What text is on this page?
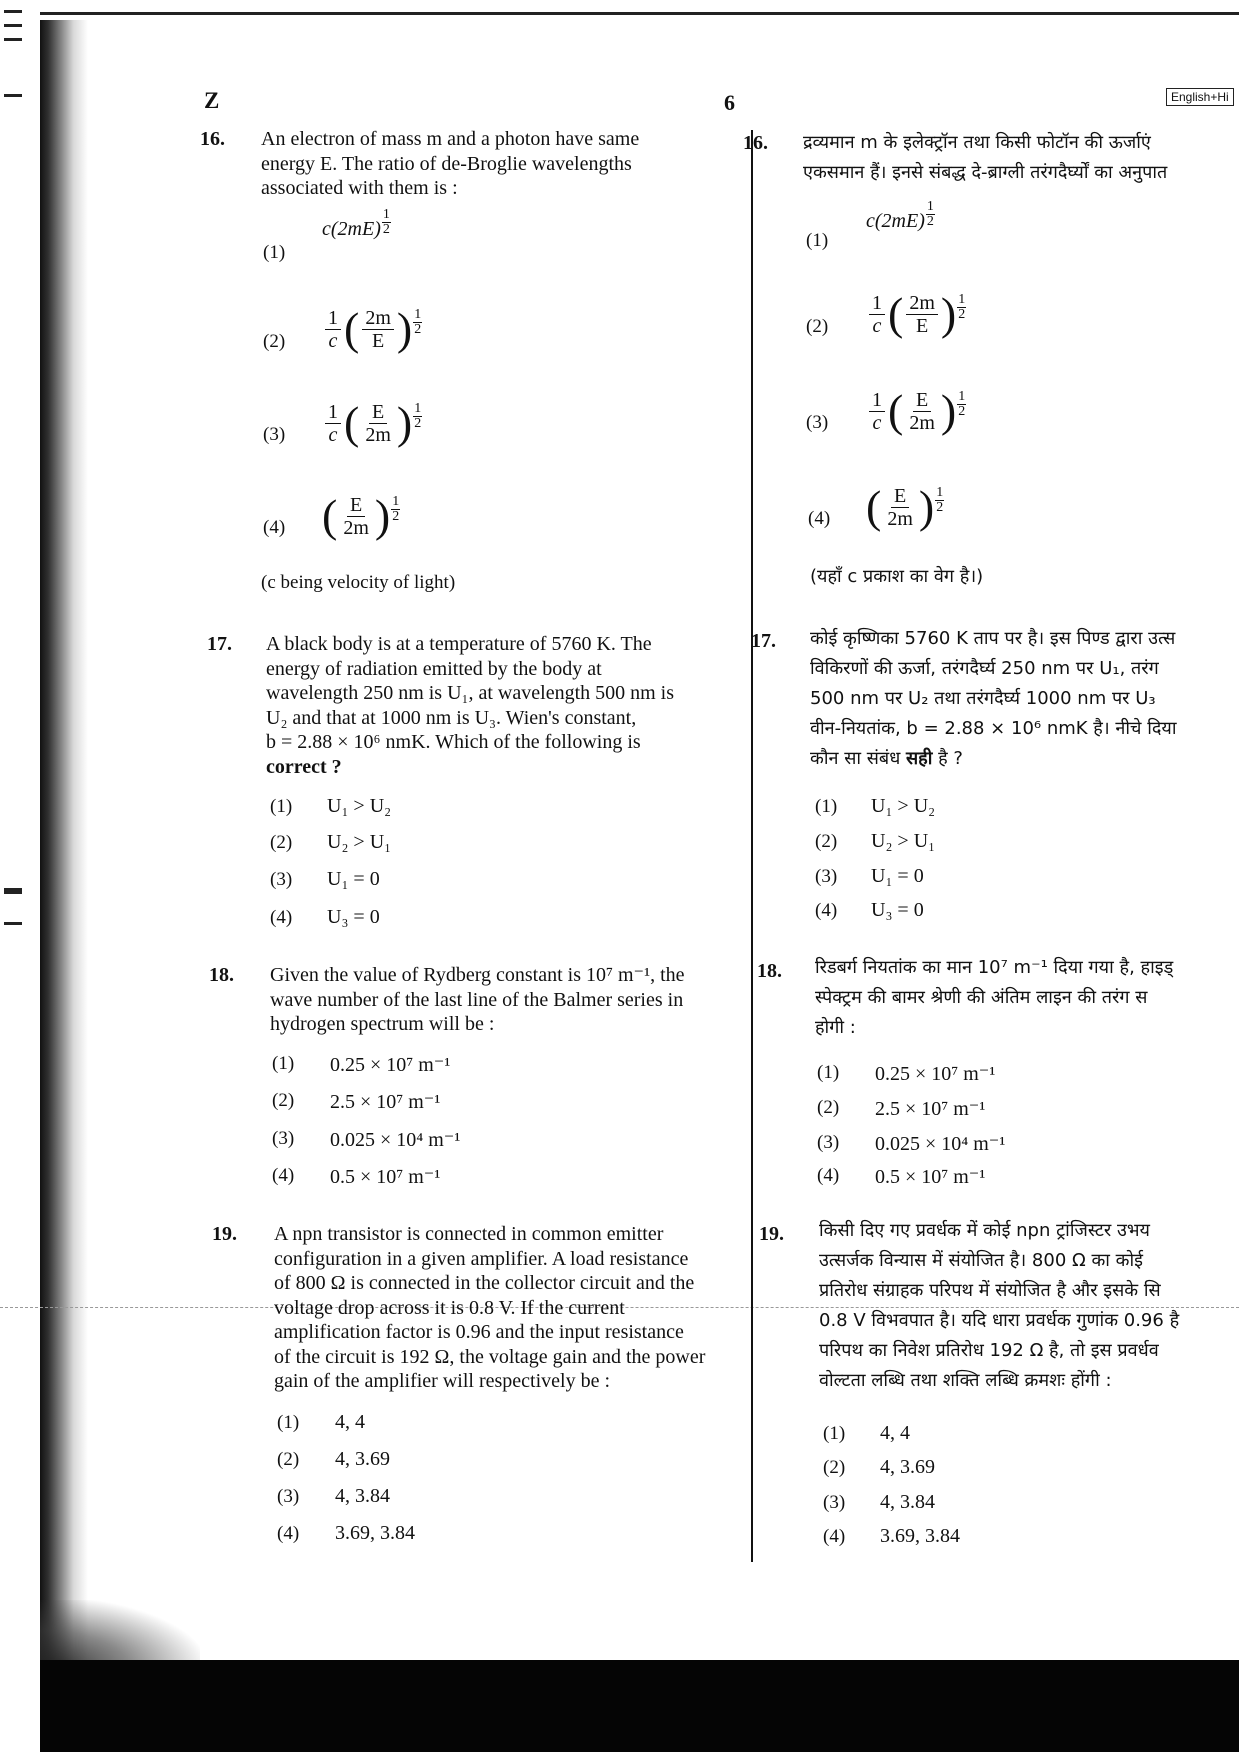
Z	6	English+Hi
16. An electron of mass m and a photon have same
energy E. The ratio of de-Broglie wavelengths
associated with them is :
(1)
$c(2mE) \frac{1}{2}$
$(2) \frac{1}{c}$ ( $\frac{2m}{E}$ ) $\frac{1}{2}$
$(3) \frac{1}{c}$ ( $\frac{E}{2m}$ ) $\frac{1}{2}$
(4) ( $\frac{E}{2m}$ ) $\frac{1}{2}$
(c being velocity of light)
17. A black body is at a temperature of 5760 K. The
energy of radiation emitted by the body at
wavelength 250 nm is U₁, at wavelength 500 nm is
U₂ and that at 1000 nm is U₃. Wien's constant,
b = 2.88 × 10⁶ nmK. Which of the following is
correct ?
(1) U₁ > U₂
(2) U₂ > U₁
(3) U₁ = 0
(4) U₃ = 0
18. Given the value of Rydberg constant is 10⁷ m⁻¹, the
wave number of the last line of the Balmer series in
hydrogen spectrum will be :
(1) 0.25 × 10⁷ m⁻¹
(2) 2.5 × 10⁷ m⁻¹
(3) 0.025 × 10⁴ m⁻¹
(4) 0.5 × 10⁷ m⁻¹
19. A npn transistor is connected in common emitter
configuration in a given amplifier. A load resistance
of 800 Ω is connected in the collector circuit and the
voltage drop across it is 0.8 V. If the current
amplification factor is 0.96 and the input resistance
of the circuit is 192 Ω, the voltage gain and the power
gain of the amplifier will respectively be :
(1) 4, 4
(2) 4, 3.69
(3) 4, 3.84
(4) 3.69, 3.84
16. द्रव्यमान m के इलेक्ट्रॉन तथा किसी फोटॉन की ऊर्जाएं
एकसमान हैं। इनसे संबद्ध दे-ब्राग्ली तरंगदैर्घ्यों का अनुपात
(1)
$c(2mE) \frac{1}{2}$
$(2) \frac{1}{c}$ ( $\frac{2m}{E}$ ) $\frac{1}{2}$
$(3) \frac{1}{c}$ ( $\frac{E}{2m}$ ) $\frac{1}{2}$
(4) ( $\frac{E}{2m}$ ) $\frac{1}{2}$
(यहाँ c प्रकाश का वेग है।)
17. कोई कृष्णिका 5760 K ताप पर है। इस पिण्ड द्वारा उत्स
विकिरणों की ऊर्जा, तरंगदैर्घ्य 250 nm पर U₁, तरंग
500 nm पर U₂ तथा तरंगदैर्घ्य 1000 nm पर U₃
वीन-नियतांक, b = 2.88 × 10⁶ nmK है। नीचे दिया
कौन सा संबंध सही है ?
(1) U₁ > U₂
(2) U₂ > U₁
(3) U₁ = 0
(4) U₃ = 0
18. रिडबर्ग नियतांक का मान 10⁷ m⁻¹ दिया गया है, हाइड्
स्पेक्ट्रम की बामर श्रेणी की अंतिम लाइन की तरंग स
होगी :
(1) 0.25 × 10⁷ m⁻¹
(2) 2.5 × 10⁷ m⁻¹
(3) 0.025 × 10⁴ m⁻¹
(4) 0.5 × 10⁷ m⁻¹
19. किसी दिए गए प्रवर्धक में कोई npn ट्रांजिस्टर उभय
उत्सर्जक विन्यास में संयोजित है। 800 Ω का कोई
प्रतिरोध संग्राहक परिपथ में संयोजित है और इसके सि
0.8 V विभवपात है। यदि धारा प्रवर्धक गुणांक 0.96 है
परिपथ का निवेश प्रतिरोध 192 Ω है, तो इस प्रवर्धव
वोल्टता लब्धि तथा शक्ति लब्धि क्रमशः होंगी :
(1) 4, 4
(2) 4, 3.69
(3) 4, 3.84
(4) 3.69, 3.84
